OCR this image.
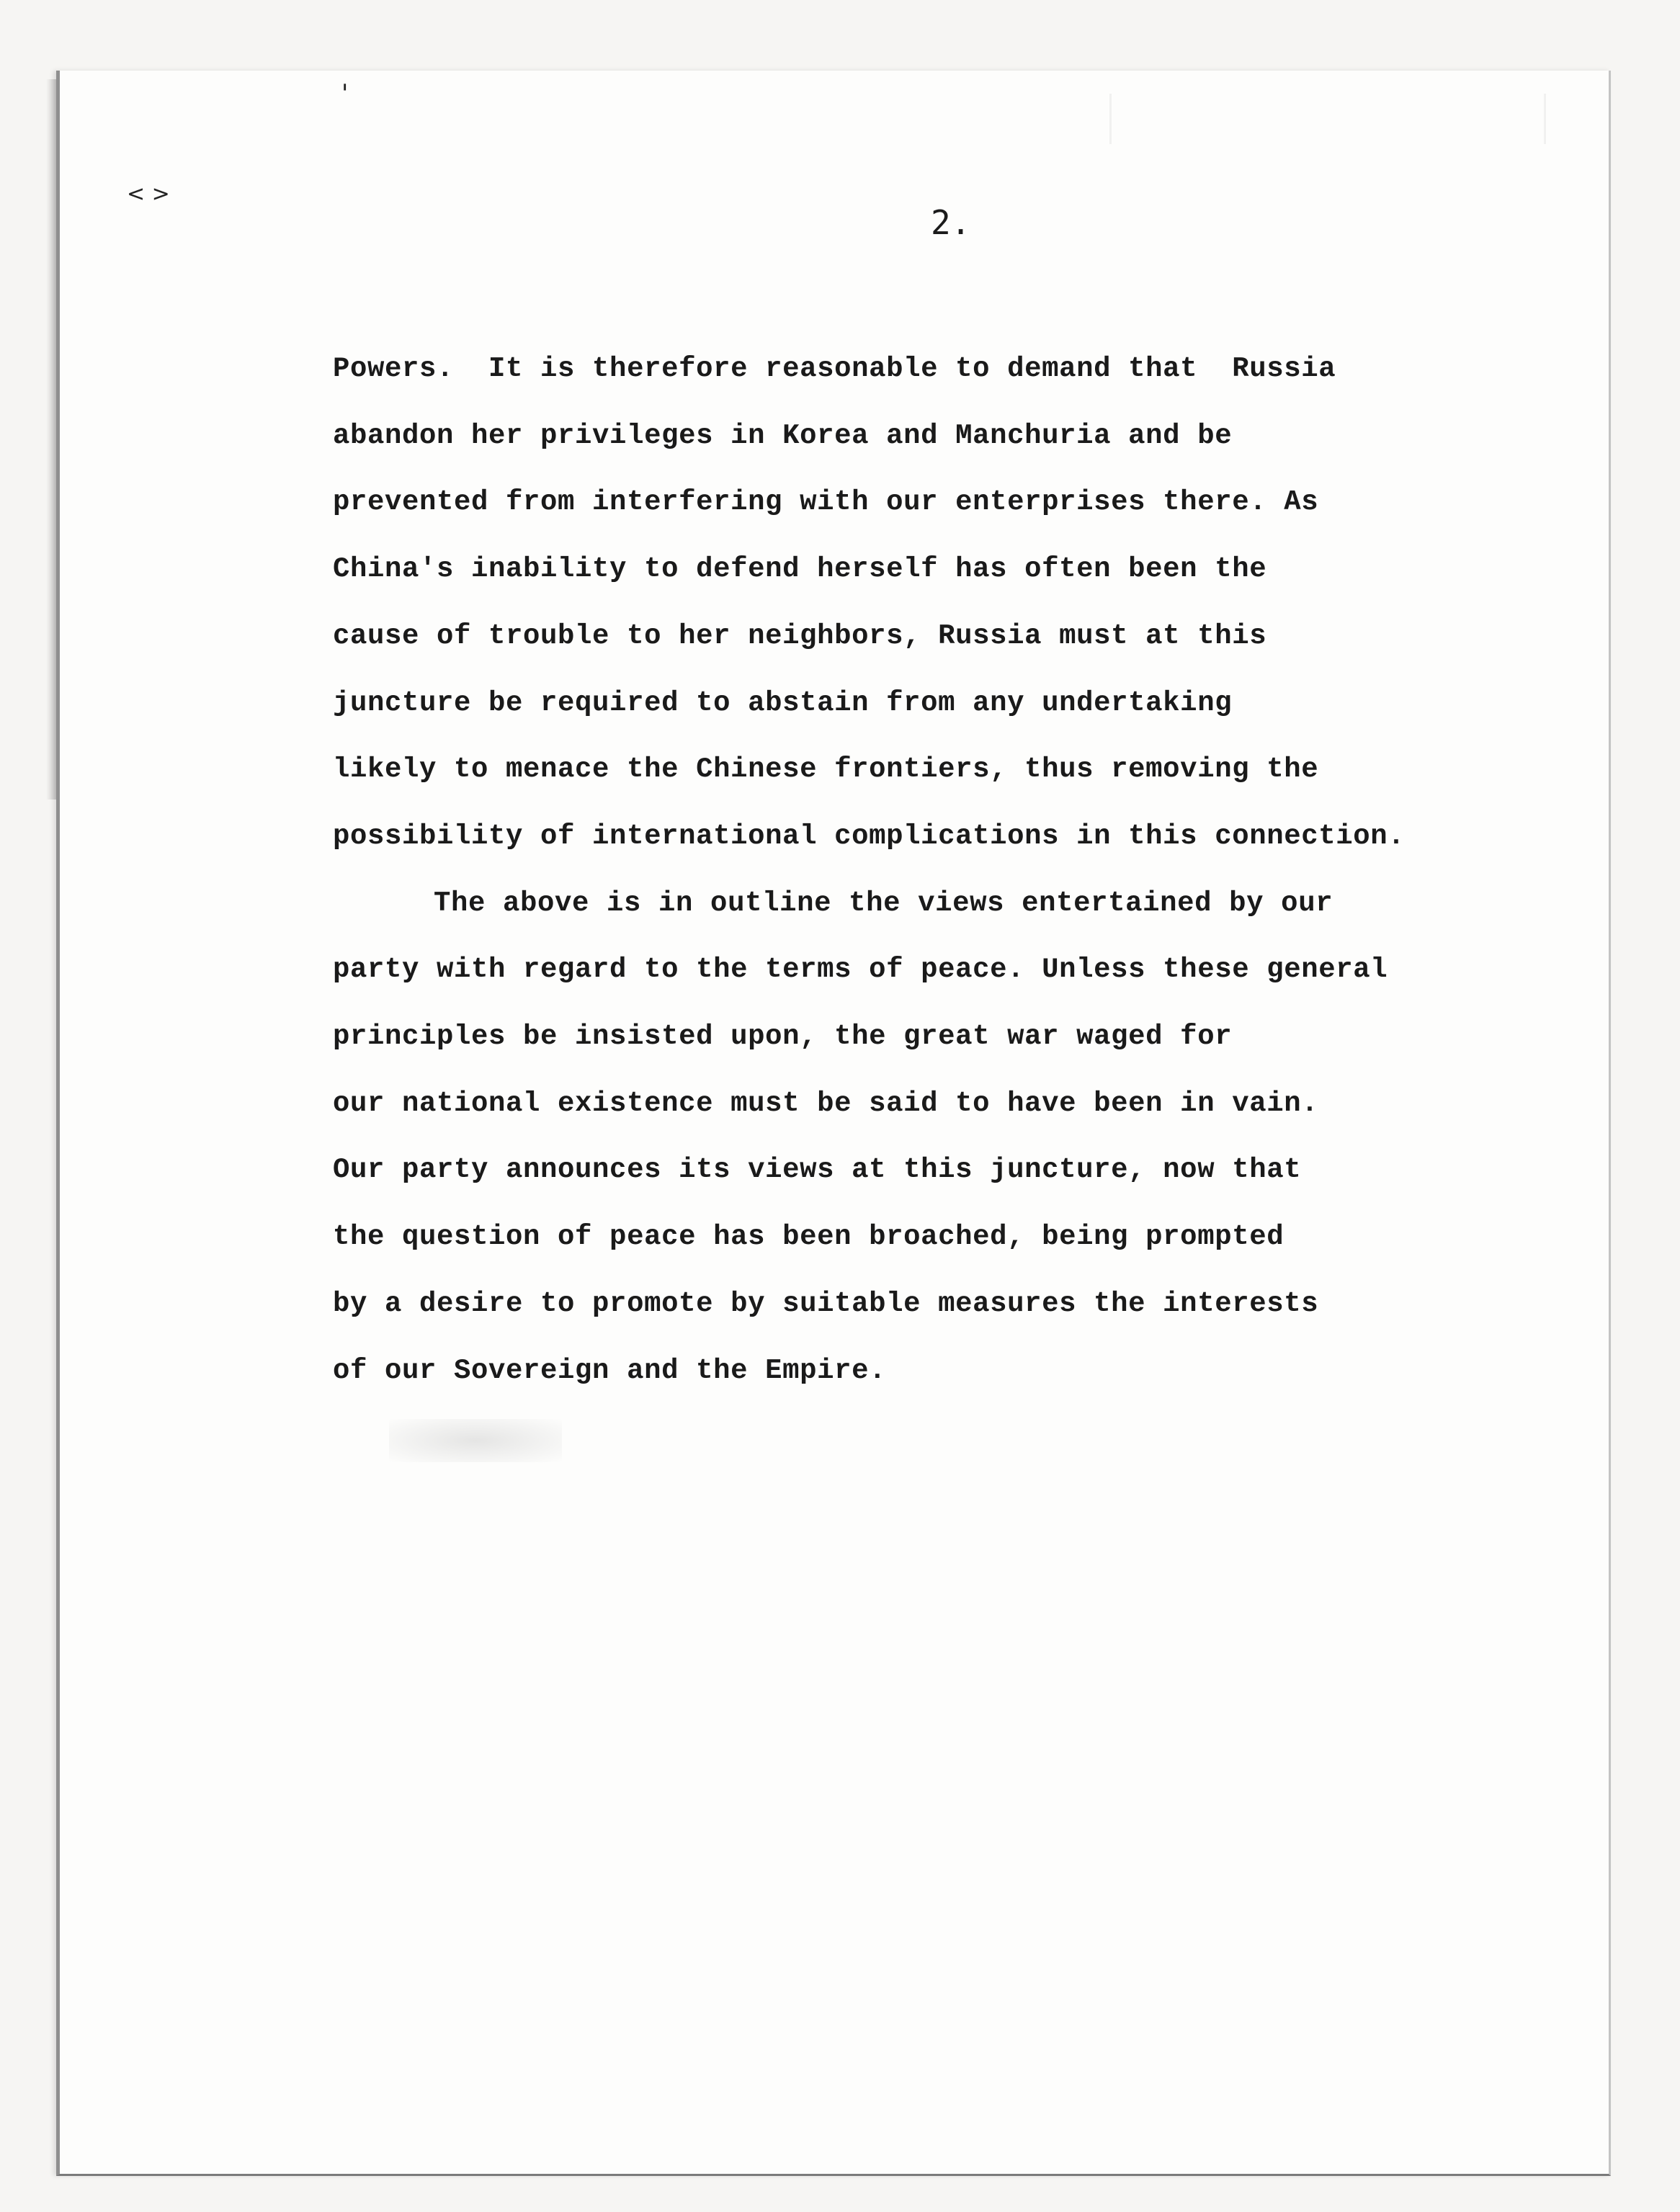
'
< >
2.
Powers.  It is therefore reasonable to demand that  Russia
abandon her privileges in Korea and Manchuria and be
prevented from interfering with our enterprises there. As
China's inability to defend herself has often been the
cause of trouble to her neighbors, Russia must at this
juncture be required to abstain from any undertaking
likely to menace the Chinese frontiers, thus removing the
possibility of international complications in this connection.
The above is in outline the views entertained by our
party with regard to the terms of peace. Unless these general
principles be insisted upon, the great war waged for
our national existence must be said to have been in vain.
Our party announces its views at this juncture, now that
the question of peace has been broached, being prompted
by a desire to promote by suitable measures the interests
of our Sovereign and the Empire.
